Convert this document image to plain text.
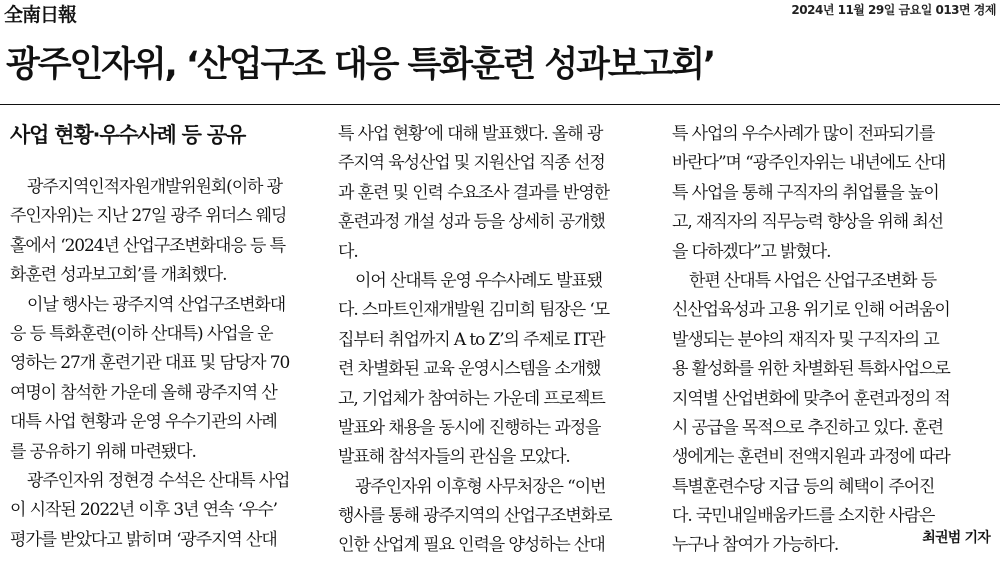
全南日報	2024년 11월 29일 금요일 013면 경제
광주인자위, ‘산업구조 대응 특화훈련 성과보고회’
사업 현황·우수사례 등 공유
광주지역인적자원개발위원회(이하 광
주인자위)는 지난 27일 광주 위더스 웨딩
홀에서 ‘2024년 산업구조변화대응 등 특
화훈련 성과보고회’를 개최했다.
이날 행사는 광주지역 산업구조변화대
응 등 특화훈련(이하 산대특) 사업을 운
영하는 27개 훈련기관 대표 및 담당자 70
여명이 참석한 가운데 올해 광주지역 산
대특 사업 현황과 운영 우수기관의 사례
를 공유하기 위해 마련됐다.
광주인자위 정현경 수석은 산대특 사업
이 시작된 2022년 이후 3년 연속 ‘우수’
평가를 받았다고 밝히며 ‘광주지역 산대
특 사업 현황’에 대해 발표했다. 올해 광
주지역 육성산업 및 지원산업 직종 선정
과 훈련 및 인력 수요조사 결과를 반영한
훈련과정 개설 성과 등을 상세히 공개했
다.
이어 산대특 운영 우수사례도 발표됐
다. 스마트인재개발원 김미희 팀장은 ‘모
집부터 취업까지 A to Z’의 주제로 IT관
련 차별화된 교육 운영시스템을 소개했
고, 기업체가 참여하는 가운데 프로젝트
발표와 채용을 동시에 진행하는 과정을
발표해 참석자들의 관심을 모았다.
광주인자위 이후형 사무처장은 “이번
행사를 통해 광주지역의 산업구조변화로
인한 산업계 필요 인력을 양성하는 산대
특 사업의 우수사례가 많이 전파되기를
바란다”며 “광주인자위는 내년에도 산대
특 사업을 통해 구직자의 취업률을 높이
고, 재직자의 직무능력 향상을 위해 최선
을 다하겠다”고 밝혔다.
한편 산대특 사업은 산업구조변화 등
신산업육성과 고용 위기로 인해 어려움이
발생되는 분야의 재직자 및 구직자의 고
용 활성화를 위한 차별화된 특화사업으로
지역별 산업변화에 맞추어 훈련과정의 적
시 공급을 목적으로 추진하고 있다. 훈련
생에게는 훈련비 전액지원과 과정에 따라
특별훈련수당 지급 등의 혜택이 주어진
다. 국민내일배움카드를 소지한 사람은
누구나 참여가 가능하다.	최권범 기자
